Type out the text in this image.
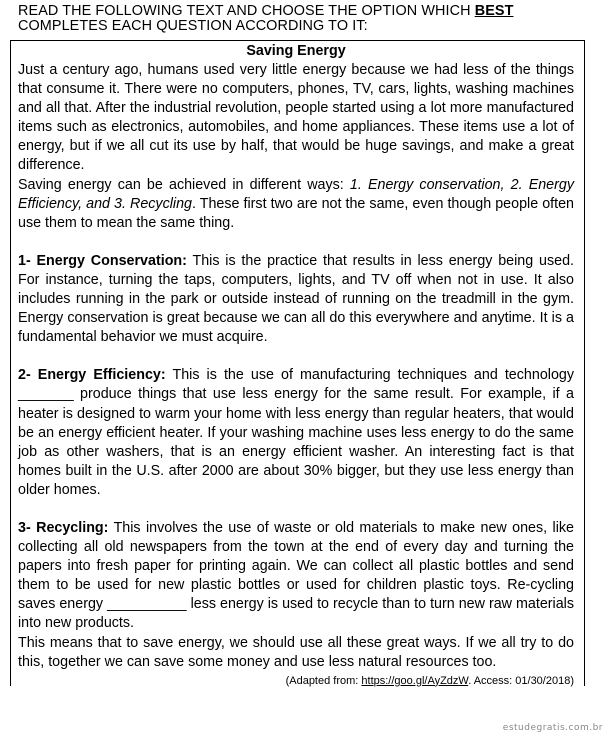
READ THE FOLLOWING TEXT AND CHOOSE THE OPTION WHICH BEST COMPLETES EACH QUESTION ACCORDING TO IT:
Saving Energy

Just a century ago, humans used very little energy because we had less of the things that consume it. There were no computers, phones, TV, cars, lights, washing machines and all that. After the industrial revolution, people started using a lot more manufactured items such as electronics, automobiles, and home appliances. These items use a lot of energy, but if we all cut its use by half, that would be huge savings, and make a great difference.

Saving energy can be achieved in different ways: 1. Energy conservation, 2. Energy Efficiency, and 3. Recycling. These first two are not the same, even though people often use them to mean the same thing.

1- Energy Conservation: This is the practice that results in less energy being used. For instance, turning the taps, computers, lights, and TV off when not in use. It also includes running in the park or outside instead of running on the treadmill in the gym. Energy conservation is great because we can all do this everywhere and anytime. It is a fundamental behavior we must acquire.

2- Energy Efficiency: This is the use of manufacturing techniques and technology _______ produce things that use less energy for the same result. For example, if a heater is designed to warm your home with less energy than regular heaters, that would be an energy efficient heater. If your washing machine uses less energy to do the same job as other washers, that is an energy efficient washer. An interesting fact is that homes built in the U.S. after 2000 are about 30% bigger, but they use less energy than older homes.

3- Recycling: This involves the use of waste or old materials to make new ones, like collecting all old newspapers from the town at the end of every day and turning the papers into fresh paper for printing again. We can collect all plastic bottles and send them to be used for new plastic bottles or used for children plastic toys. Re-cycling saves energy __________ less energy is used to recycle than to turn new raw materials into new products.

This means that to save energy, we should use all these great ways. If we all try to do this, together we can save some money and use less natural resources too.

(Adapted from: https://goo.gl/AyZdzW. Access: 01/30/2018)
estudegratis.com.br
